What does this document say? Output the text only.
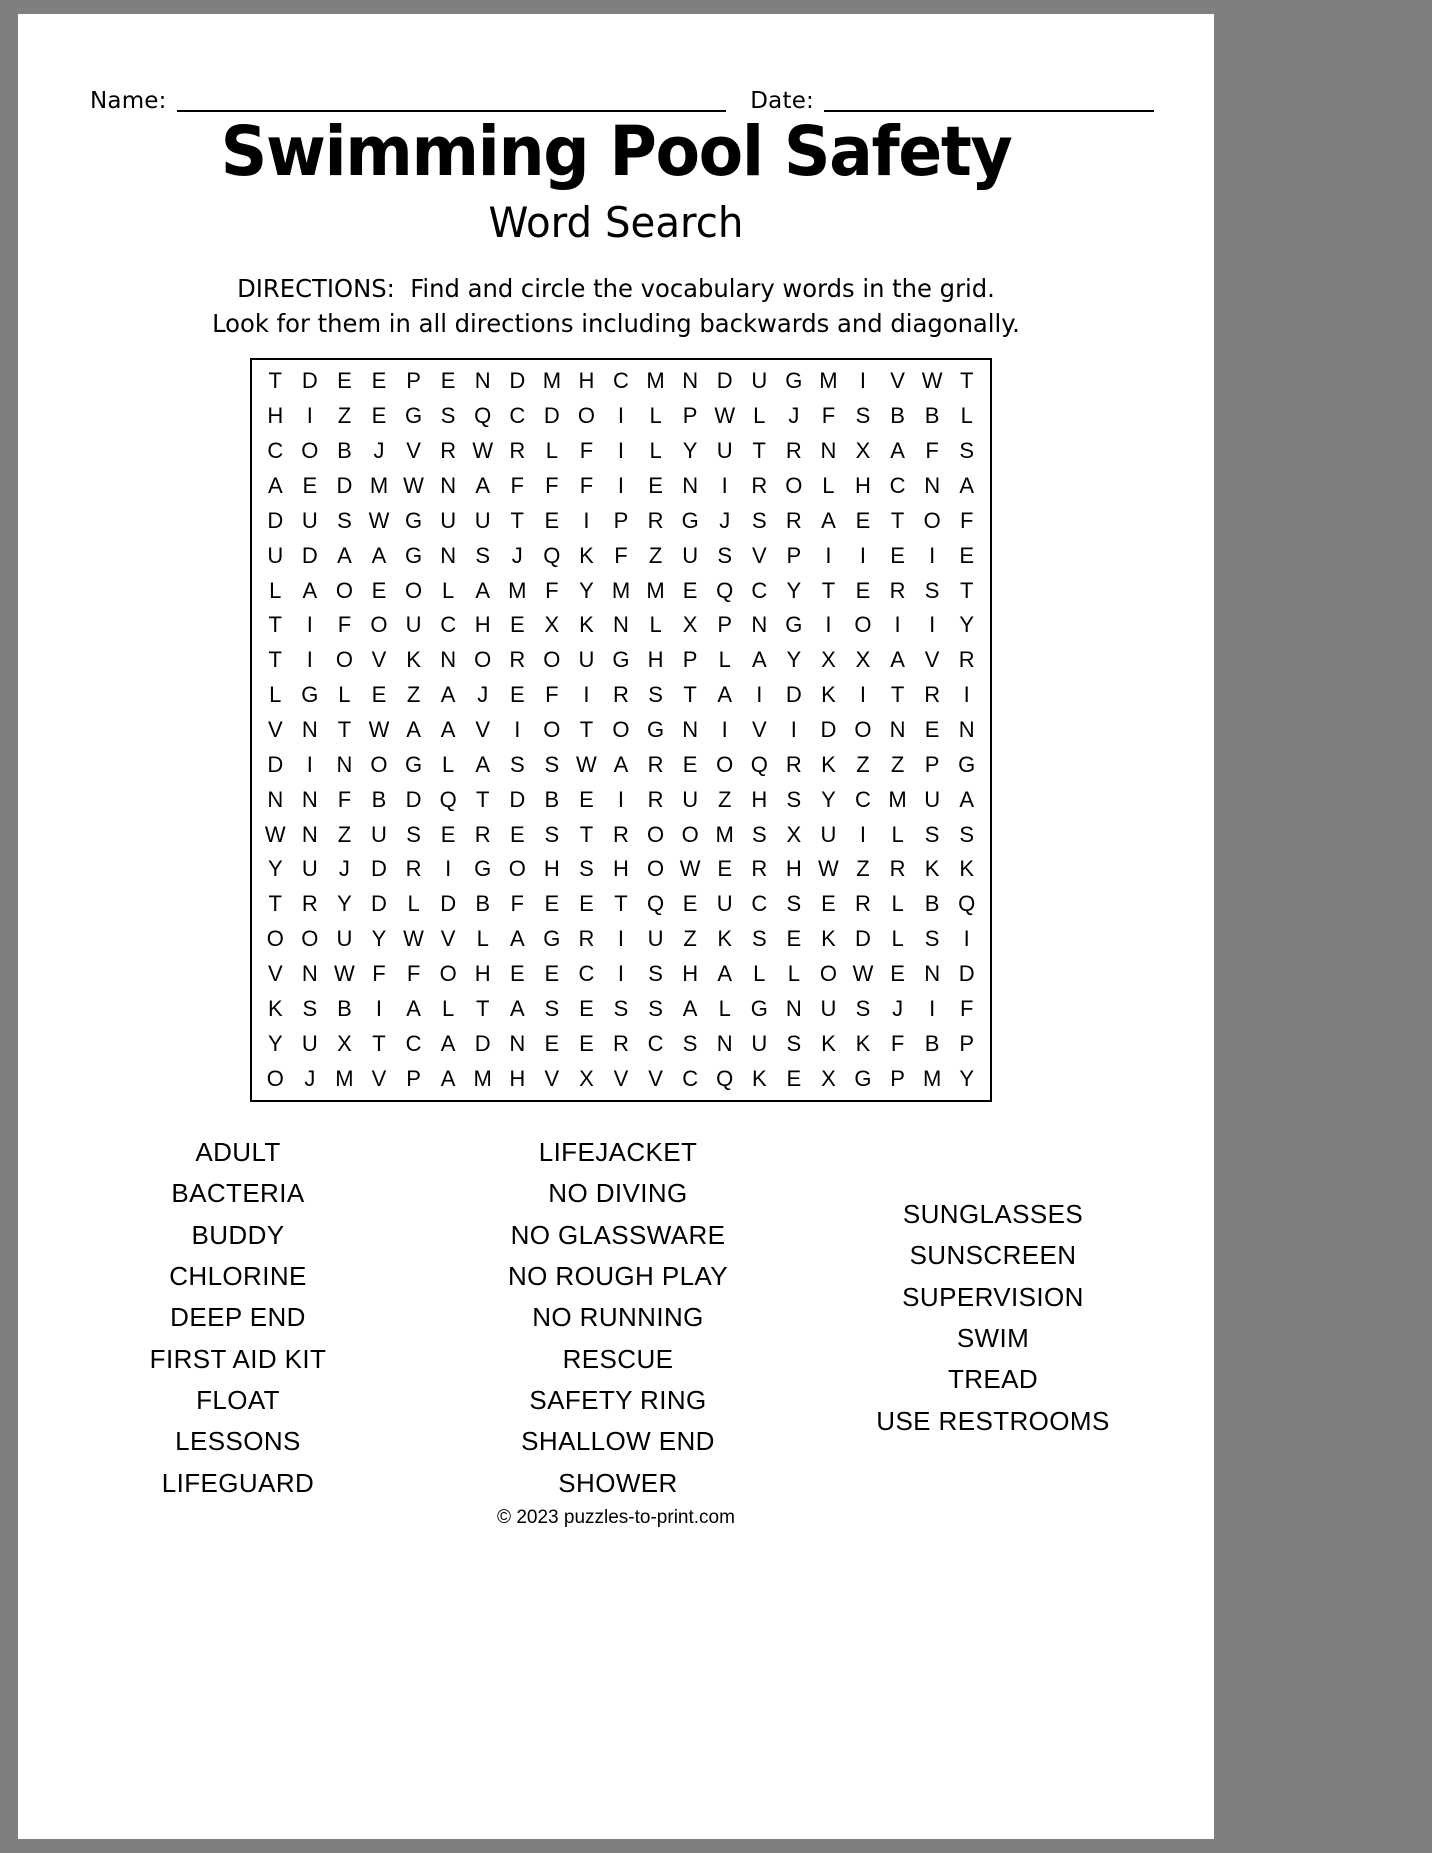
Name:	Date:
Swimming Pool Safety
Word Search
DIRECTIONS:  Find and circle the vocabulary words in the grid.
Look for them in all directions including backwards and diagonally.
T D E E P E N D M H C M N D U G M	I	V W T
H	I	Z E G S Q C D O	I	L P W L	J	F S B B L
C O B J V R W R L F	I	L Y U T R N X A F S
A E D M W N A F F F	I	E N	I	R O L H C N A
D U S W G U U T E	I	P R G J S R A E T O F
U D A A G N S J Q K F Z U S V P	I	I	E	I	E
L A O E O L A M F Y M M E Q C Y T E R S T
T	I	F O U C H E X K N L X P N G	I	O	I	I	Y
T	I	O V K N O R O U G H P L A Y X X A V R
L G L E Z A J E F	I	R S T A	I	D K	I	T R	I
V N T W A A V	I	O T O G N	I	V	I	D O N E N
D	I	N O G L A S S W A R E O Q R K Z Z P G
N N F B D Q T D B E	I	R U Z H S Y C M U A
W N Z U S E R E S T R O O M S X U	I	L S S
Y U J D R	I	G O H S H O W E R H W Z R K K
T R Y D L D B F E E T Q E U C S E R L B Q
O O U Y W V L A G R	I	U Z K S E K D L S	I
V N W F F O H E E C	I	S H A L	L O W E N D
K S B	I	A L T A S E S S A L G N U S J	I	F
Y U X T C A D N E E R C S N U S K K F B P
O J M V P A M H V X V V C Q K E X G P M Y
ADULT
BACTERIA
BUDDY
CHLORINE
DEEP END
FIRST AID KIT
FLOAT
LESSONS
LIFEGUARD
LIFEJACKET
NO DIVING
NO GLASSWARE
NO ROUGH PLAY
NO RUNNING
RESCUE
SAFETY RING
SHALLOW END
SHOWER
SUNGLASSES
SUNSCREEN
SUPERVISION
SWIM
TREAD
USE RESTROOMS
© 2023 puzzles-to-print.com
